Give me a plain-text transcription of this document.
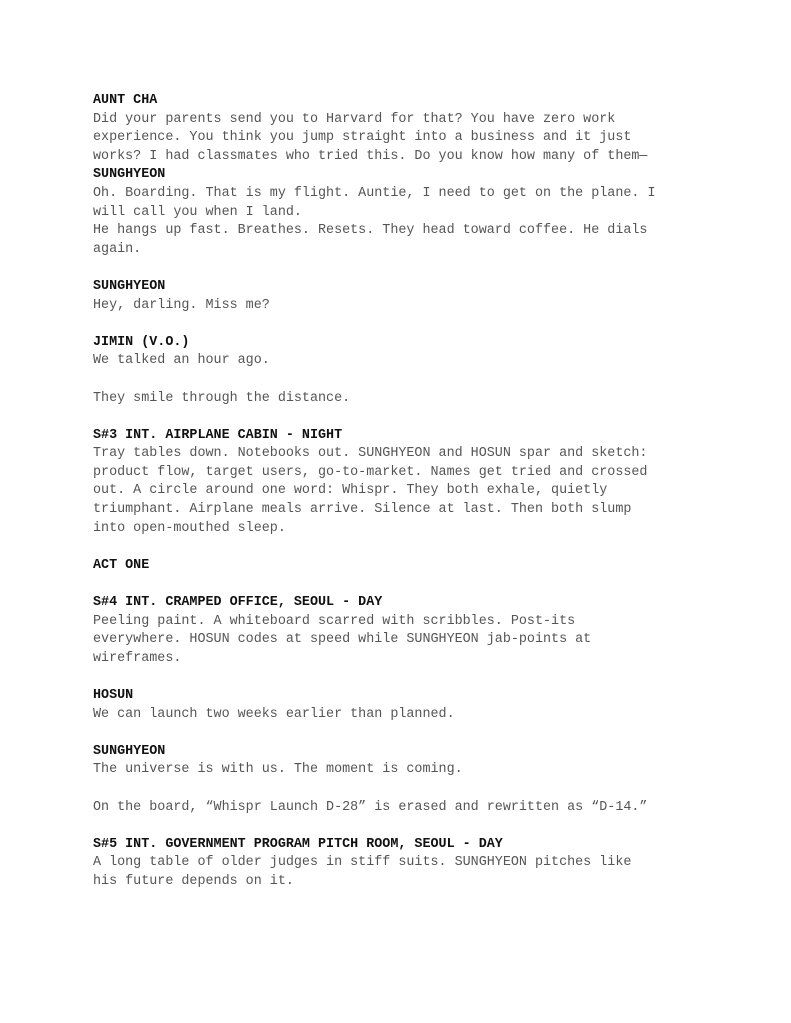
AUNT CHA
Did your parents send you to Harvard for that? You have zero work
experience. You think you jump straight into a business and it just
works? I had classmates who tried this. Do you know how many of them—
SUNGHYEON
Oh. Boarding. That is my flight. Auntie, I need to get on the plane. I
will call you when I land.
He hangs up fast. Breathes. Resets. They head toward coffee. He dials
again.
SUNGHYEON
Hey, darling. Miss me?
JIMIN (V.O.)
We talked an hour ago.
They smile through the distance.
S#3 INT. AIRPLANE CABIN - NIGHT
Tray tables down. Notebooks out. SUNGHYEON and HOSUN spar and sketch:
product flow, target users, go-to-market. Names get tried and crossed
out. A circle around one word: Whispr. They both exhale, quietly
triumphant. Airplane meals arrive. Silence at last. Then both slump
into open-mouthed sleep.
ACT ONE
S#4 INT. CRAMPED OFFICE, SEOUL - DAY
Peeling paint. A whiteboard scarred with scribbles. Post-its
everywhere. HOSUN codes at speed while SUNGHYEON jab-points at
wireframes.
HOSUN
We can launch two weeks earlier than planned.
SUNGHYEON
The universe is with us. The moment is coming.
On the board, “Whispr Launch D-28” is erased and rewritten as “D-14.”
S#5 INT. GOVERNMENT PROGRAM PITCH ROOM, SEOUL - DAY
A long table of older judges in stiff suits. SUNGHYEON pitches like
his future depends on it.
